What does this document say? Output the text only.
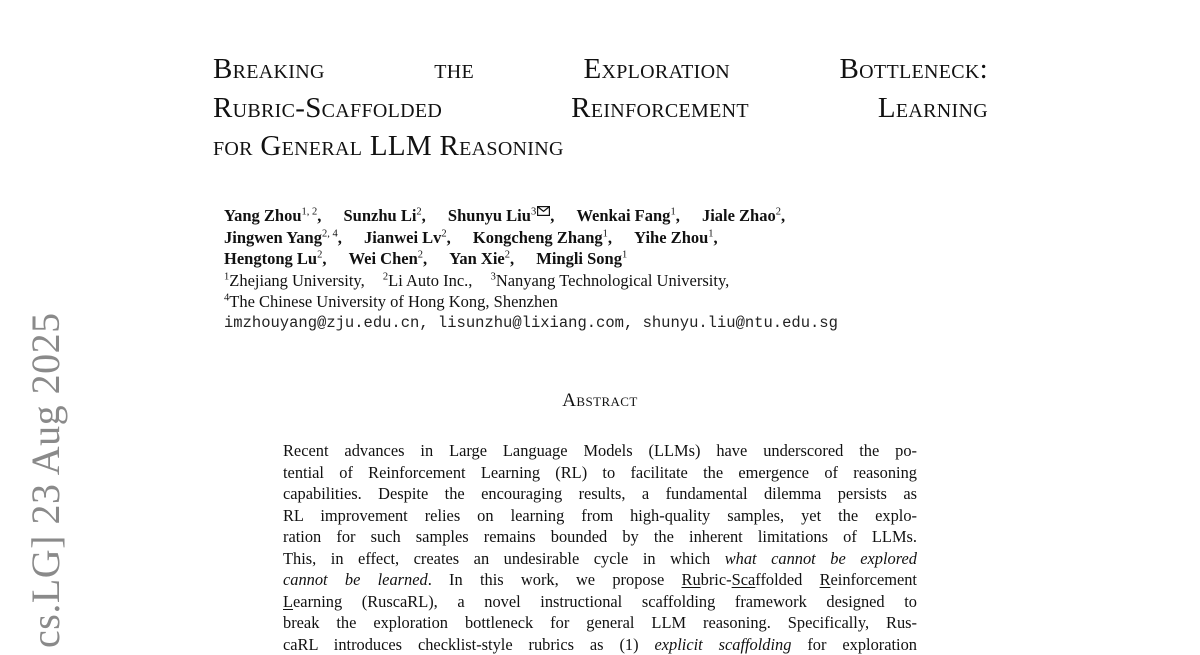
cs.LG] 23 Aug 2025
Breaking the Exploration Bottleneck:
Rubric-Scaffolded Reinforcement Learning
for General LLM Reasoning
Yang Zhou$^{1, 2}$, Sunzhu Li$^2$, Shunyu Liu$^3$ , Wenkai Fang$^1$, Jiale Zhao$^2$,
Jingwen Yang$^{2, 4}$, Jianwei Lv$^2$, Kongcheng Zhang$^1$, Yihe Zhou$^1$,
Hengtong Lu$^2$, Wei Chen$^2$, Yan Xie$^2$, Mingli Song$^1$
$^1$Zhejiang University, $^2$Li Auto Inc., $^3$Nanyang Technological University,
$^4$The Chinese University of Hong Kong, Shenzhen
imzhouyang@zju.edu.cn, lisunzhu@lixiang.com, shunyu.liu@ntu.edu.sg
Abstract
Recent advances in Large Language Models (LLMs) have underscored the po-
tential of Reinforcement Learning (RL) to facilitate the emergence of reasoning
capabilities. Despite the encouraging results, a fundamental dilemma persists as
RL improvement relies on learning from high-quality samples, yet the explo-
ration for such samples remains bounded by the inherent limitations of LLMs.
This, in effect, creates an undesirable cycle in which what cannot be explored
cannot be learned. In this work, we propose Rubric-Scaffolded Reinforcement
Learning (RuscaRL), a novel instructional scaffolding framework designed to
break the exploration bottleneck for general LLM reasoning. Specifically, Rus-
caRL introduces checklist-style rubrics as (1) explicit scaffolding for exploration
